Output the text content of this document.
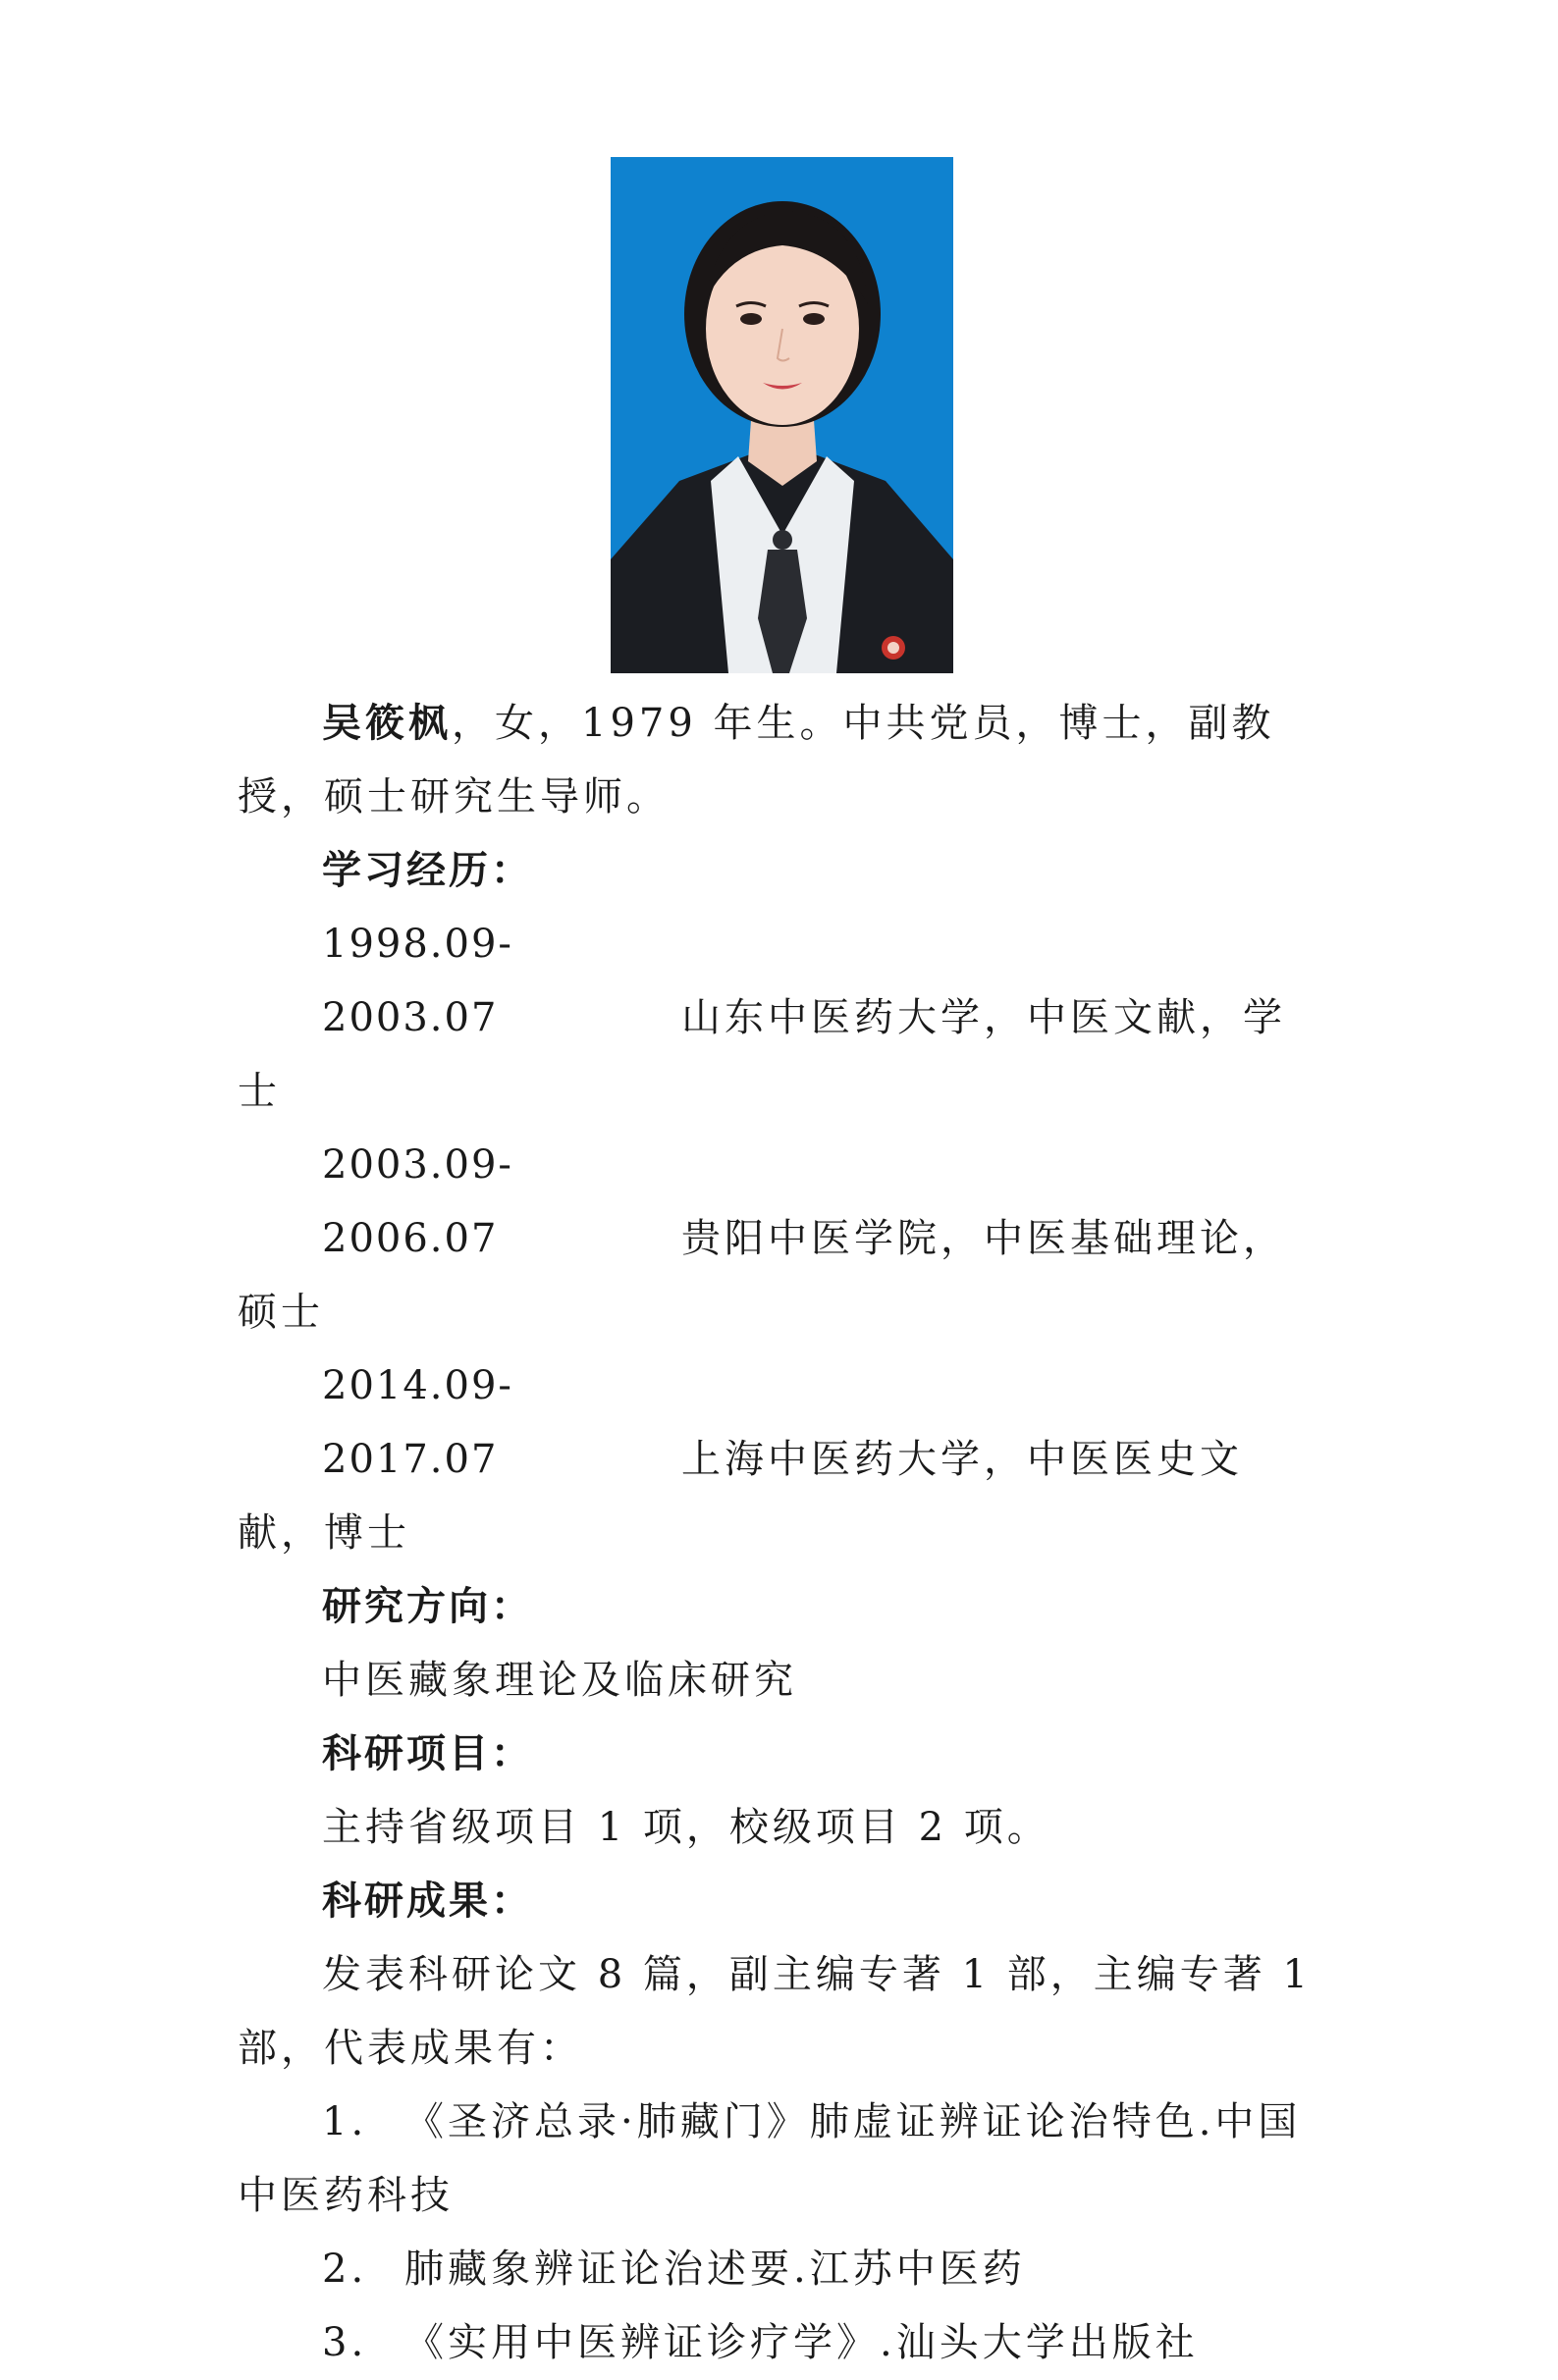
吴筱枫，女，1979 年生。中共党员，博士，副教授，硕士研究生导师。

学习经历：

1998.09-2003.07	山东中医药大学，中医文献，学士

2003.09-2006.07	贵阳中医学院，中医基础理论，硕士

2014.09-2017.07	上海中医药大学，中医医史文献，博士

研究方向：

中医藏象理论及临床研究

科研项目：

主持省级项目 1 项，校级项目 2 项。

科研成果：

发表科研论文 8 篇，副主编专著 1 部，主编专著 1 部，代表成果有：

1. 《圣济总录·肺藏门》肺虚证辨证论治特色.中国中医药科技

2. 肺藏象辨证论治述要.江苏中医药

3. 《实用中医辨证诊疗学》.汕头大学出版社
